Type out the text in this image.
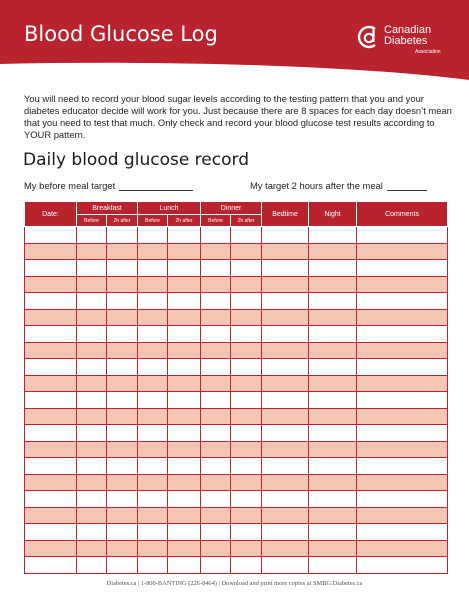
Blood Glucose Log	Canadian
Diabetes
Association

You will need to record your blood sugar levels according to the testing pattern that you and your diabetes educator decide will work for you. Just because there are 8 spaces for each day doesn’t mean that you need to test that much. Only check and record your blood glucose test results according to YOUR pattern.

Daily blood glucose record
My before meal target	My target 2 hours after the meal
Date:	Breakfast		Lunch		Dinner		Bedtime	Night	Comments
	Before	2h after	Before	2h after	Before	2h after			

Diabetes.ca | 1-800-BANTING (226-8464) | Download and print more copies at SMBG.Diabetes.ca
